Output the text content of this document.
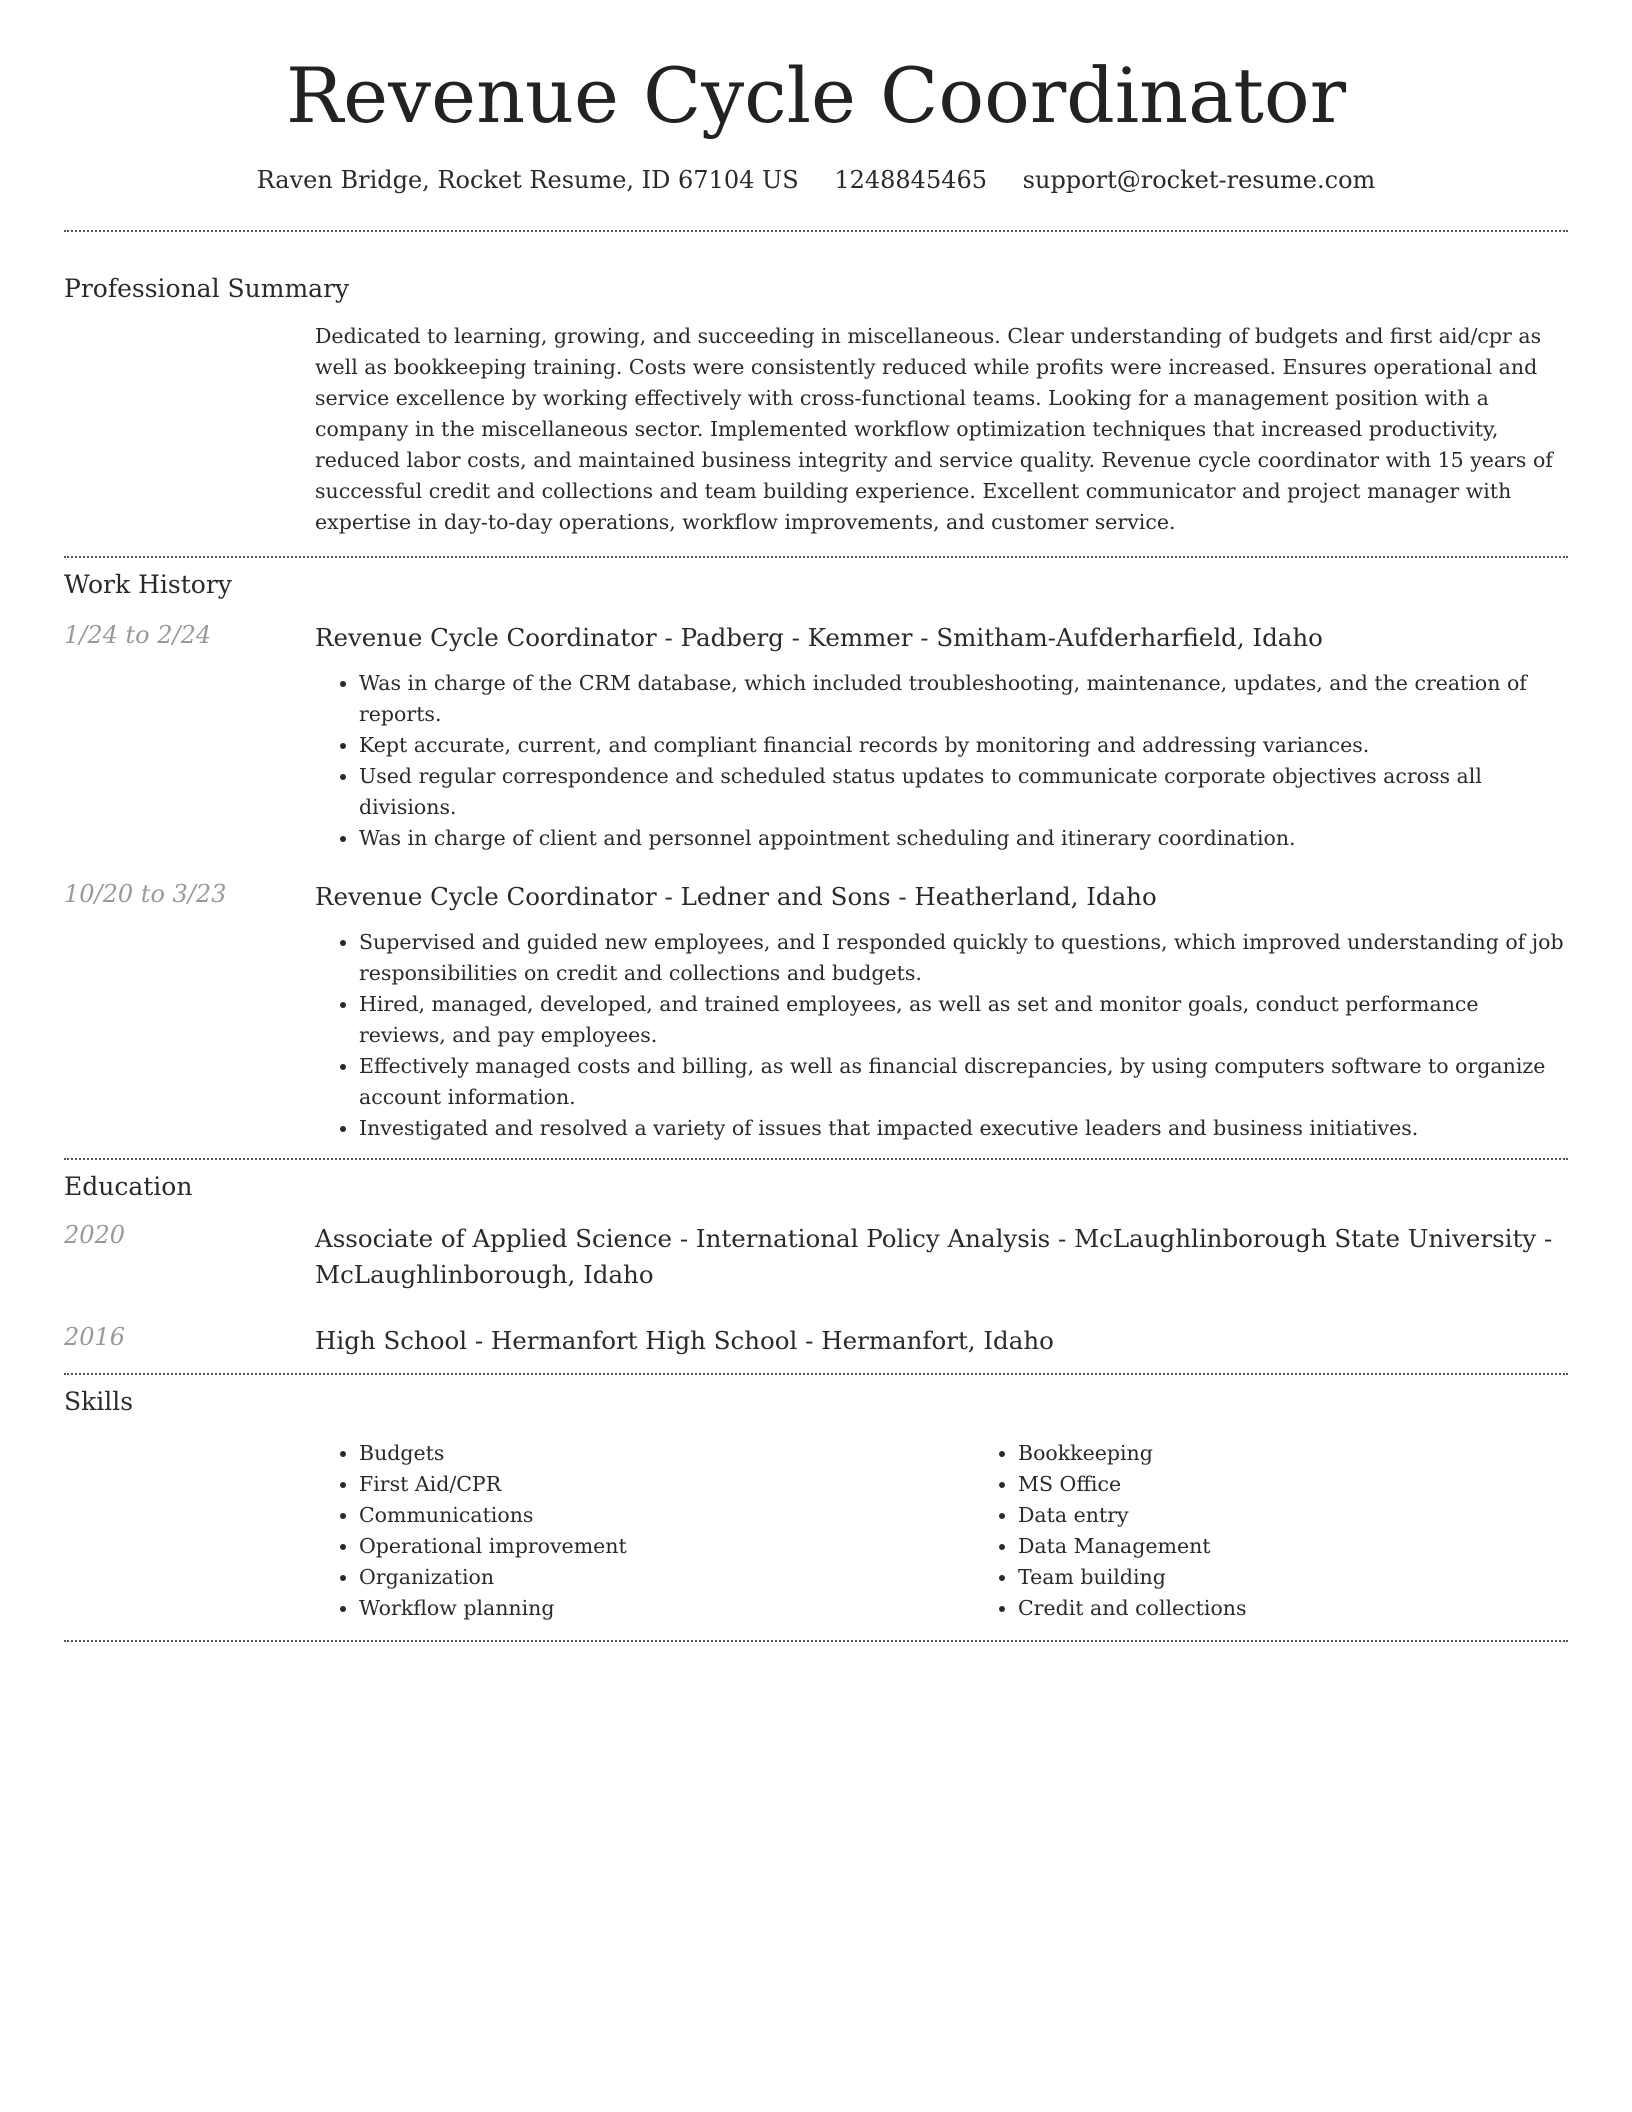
Revenue Cycle Coordinator
Raven Bridge, Rocket Resume, ID 67104 US 1248845465 support@rocket-resume.com
Professional Summary

Dedicated to learning, growing, and succeeding in miscellaneous. Clear understanding of budgets and first aid/cpr as well as bookkeeping training. Costs were consistently reduced while profits were increased. Ensures operational and service excellence by working effectively with cross-functional teams. Looking for a management position with a company in the miscellaneous sector. Implemented workflow optimization techniques that increased productivity, reduced labor costs, and maintained business integrity and service quality. Revenue cycle coordinator with 15 years of successful credit and collections and team building experience. Excellent communicator and project manager with expertise in day-to-day operations, workflow improvements, and customer service.

Work History
1/24 to 2/24	Revenue Cycle Coordinator - Padberg - Kemmer - Smitham-Aufderharfield, Idaho
• Was in charge of the CRM database, which included troubleshooting, maintenance, updates, and the creation of reports.
• Kept accurate, current, and compliant financial records by monitoring and addressing variances.
• Used regular correspondence and scheduled status updates to communicate corporate objectives across all divisions.
• Was in charge of client and personnel appointment scheduling and itinerary coordination.
10/20 to 3/23	Revenue Cycle Coordinator - Ledner and Sons - Heatherland, Idaho
• Supervised and guided new employees, and I responded quickly to questions, which improved understanding of job responsibilities on credit and collections and budgets.
• Hired, managed, developed, and trained employees, as well as set and monitor goals, conduct performance reviews, and pay employees.
• Effectively managed costs and billing, as well as financial discrepancies, by using computers software to organize account information.
• Investigated and resolved a variety of issues that impacted executive leaders and business initiatives.
Education
2020	Associate of Applied Science - International Policy Analysis - McLaughlinborough State University - McLaughlinborough, Idaho
2016	High School - Hermanfort High School - Hermanfort, Idaho
Skills
• Budgets
• First Aid/CPR
• Communications
• Operational improvement
• Organization
• Workflow planning
• Bookkeeping
• MS Office
• Data entry
• Data Management
• Team building
• Credit and collections
